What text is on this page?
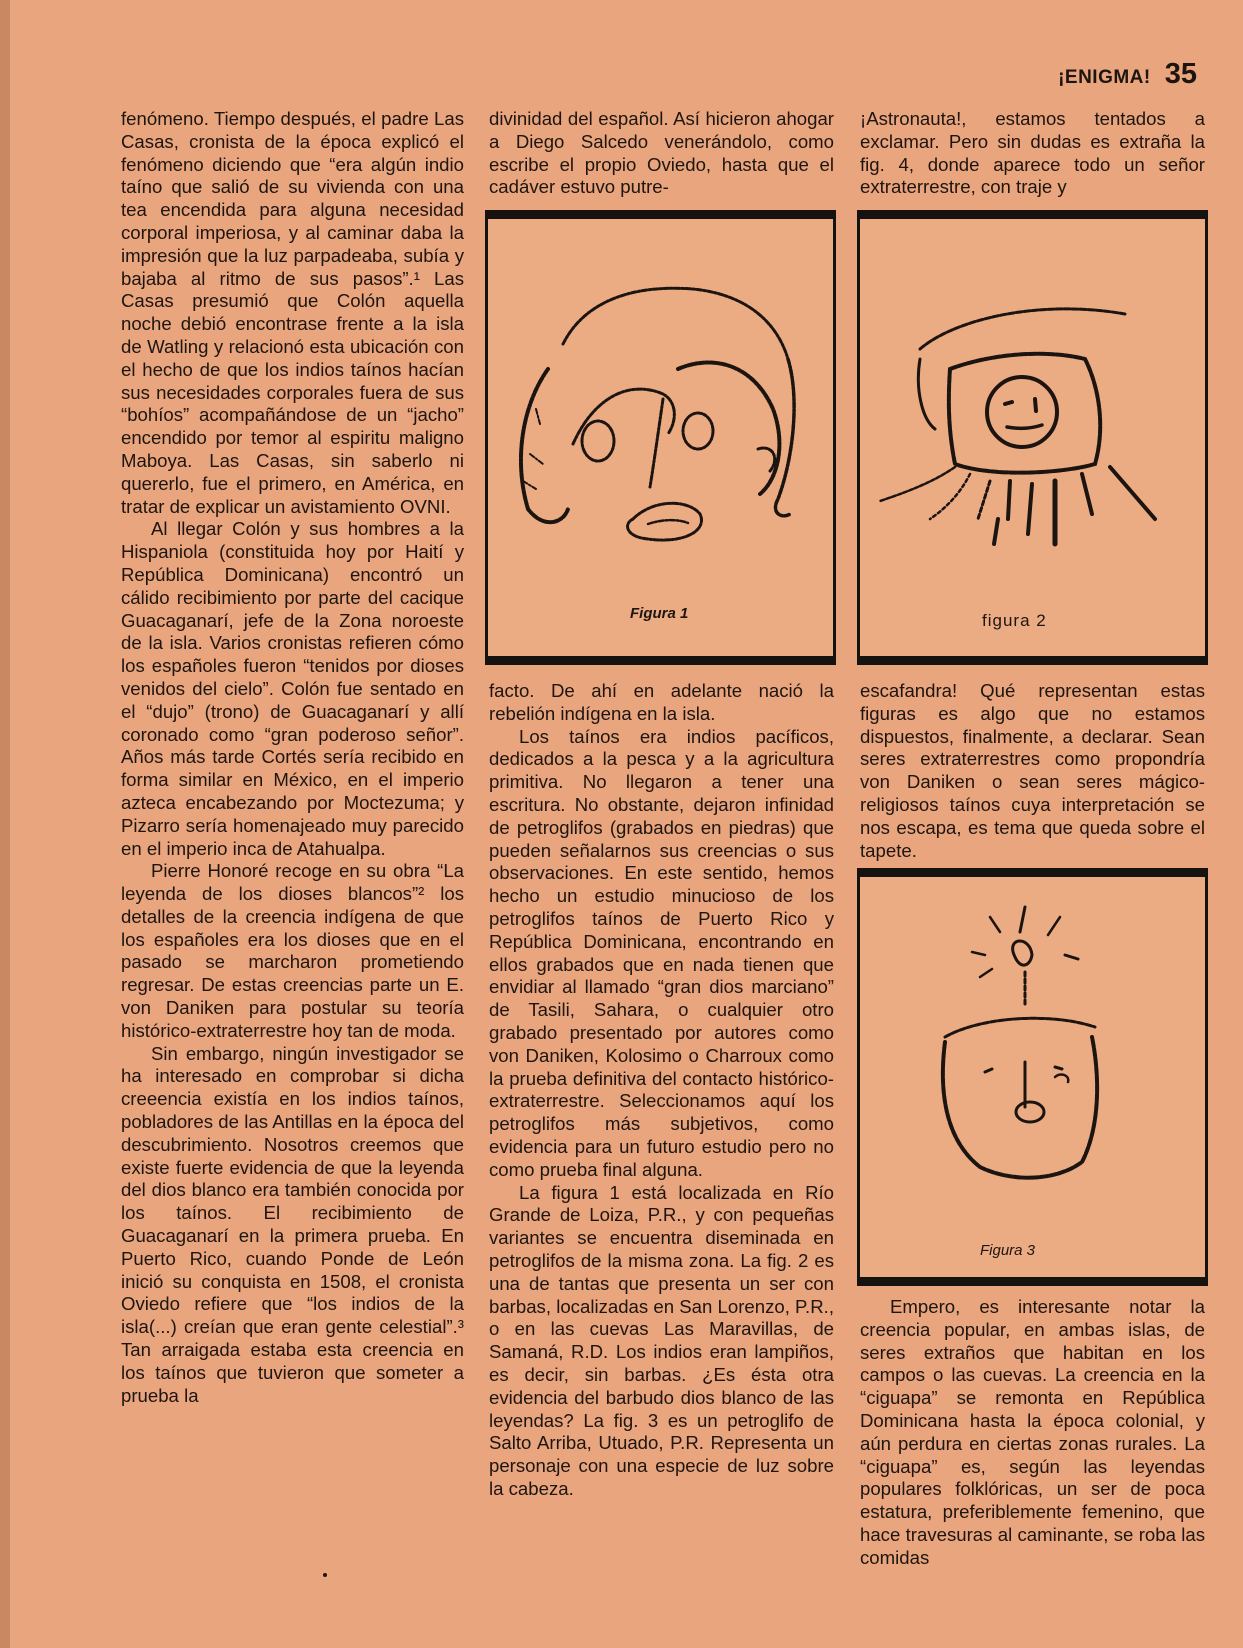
¡ENIGMA! 35

fenómeno. Tiempo después, el padre Las Casas, cronista de la época explicó el fenómeno diciendo que “era algún indio taíno que salió de su vivienda con una tea encendida para alguna necesidad corporal imperiosa, y al caminar daba la impresión que la luz parpadeaba, subía y bajaba al ritmo de sus pasos”.¹ Las Casas presumió que Colón aquella noche debió encontrase frente a la isla de Watling y relacionó esta ubicación con el hecho de que los indios taínos hacían sus necesidades corporales fuera de sus “bohíos” acompañándose de un “jacho” encendido por temor al espiritu maligno Maboya. Las Casas, sin saberlo ni quererlo, fue el primero, en América, en tratar de explicar un avistamiento OVNI.

Al llegar Colón y sus hombres a la Hispaniola (constituida hoy por Haití y República Dominicana) encontró un cálido recibimiento por parte del cacique Guacaganarí, jefe de la Zona noroeste de la isla. Varios cronistas refieren cómo los españoles fueron “tenidos por dioses venidos del cielo”. Colón fue sentado en el “dujo” (trono) de Guacaganarí y allí coronado como “gran poderoso señor”. Años más tarde Cortés sería recibido en forma similar en México, en el imperio azteca encabezando por Moctezuma; y Pizarro sería homenajeado muy parecido en el imperio inca de Atahualpa.

Pierre Honoré recoge en su obra “La leyenda de los dioses blancos”² los detalles de la creencia indígena de que los españoles era los dioses que en el pasado se marcharon prometiendo regresar. De estas creencias parte un E. von Daniken para postular su teoría histórico-extraterrestre hoy tan de moda.

Sin embargo, ningún investigador se ha interesado en comprobar si dicha creeencia existía en los indios taínos, pobladores de las Antillas en la época del descubrimiento. Nosotros creemos que existe fuerte evidencia de que la leyenda del dios blanco era también conocida por los taínos. El recibimiento de Guacaganarí en la primera prueba. En Puerto Rico, cuando Ponde de León inició su conquista en 1508, el cronista Oviedo refiere que “los indios de la isla(...) creían que eran gente celestial”.³ Tan arraigada estaba esta creencia en los taínos que tuvieron que someter a prueba la

divinidad del español. Así hicieron ahogar a Diego Salcedo venerándolo, como escribe el propio Oviedo, hasta que el cadáver estuvo putre-

Figura 1

facto. De ahí en adelante nació la rebelión indígena en la isla.

Los taínos era indios pacíficos, dedicados a la pesca y a la agricultura primitiva. No llegaron a tener una escritura. No obstante, dejaron infinidad de petroglifos (grabados en piedras) que pueden señalarnos sus creencias o sus observaciones. En este sentido, hemos hecho un estudio minucioso de los petroglifos taínos de Puerto Rico y República Dominicana, encontrando en ellos grabados que en nada tienen que envidiar al llamado “gran dios marciano” de Tasili, Sahara, o cualquier otro grabado presentado por autores como von Daniken, Kolosimo o Charroux como la prueba definitiva del contacto histórico-extraterrestre. Seleccionamos aquí los petroglifos más subjetivos, como evidencia para un futuro estudio pero no como prueba final alguna.

La figura 1 está localizada en Río Grande de Loiza, P.R., y con pequeñas variantes se encuentra diseminada en petroglifos de la misma zona. La fig. 2 es una de tantas que presenta un ser con barbas, localizadas en San Lorenzo, P.R., o en las cuevas Las Maravillas, de Samaná, R.D. Los indios eran lampiños, es decir, sin barbas. ¿Es ésta otra evidencia del barbudo dios blanco de las leyendas? La fig. 3 es un petroglifo de Salto Arriba, Utuado, P.R. Representa un personaje con una especie de luz sobre la cabeza.

¡Astronauta!, estamos tentados a exclamar. Pero sin dudas es extraña la fig. 4, donde aparece todo un señor extraterrestre, con traje y

figura 2

escafandra! Qué representan estas figuras es algo que no estamos dispuestos, finalmente, a declarar. Sean seres extraterrestres como propondría von Daniken o sean seres mágico-religiosos taínos cuya interpretación se nos escapa, es tema que queda sobre el tapete.

Figura 3

Empero, es interesante notar la creencia popular, en ambas islas, de seres extraños que habitan en los campos o las cuevas. La creencia en la “ciguapa” se remonta en República Dominicana hasta la época colonial, y aún perdura en ciertas zonas rurales. La “ciguapa” es, según las leyendas populares folklóricas, un ser de poca estatura, preferiblemente femenino, que hace travesuras al caminante, se roba las comidas
